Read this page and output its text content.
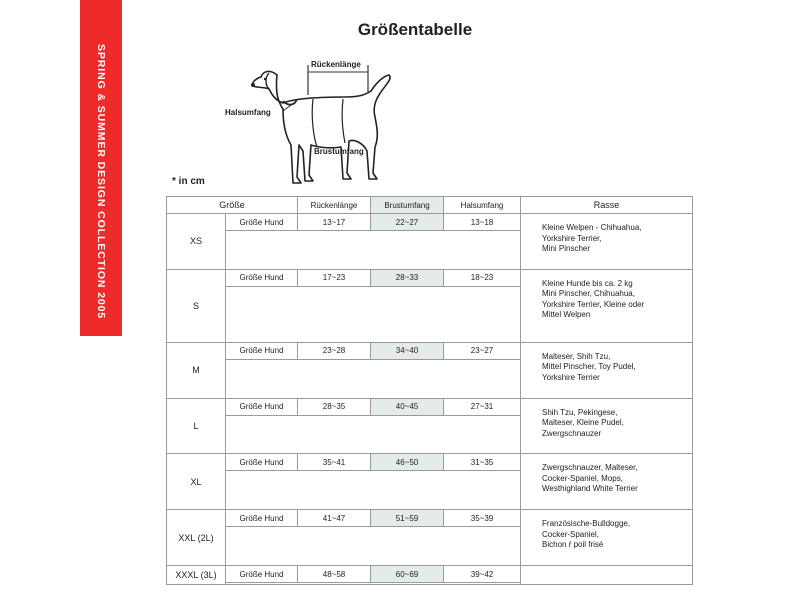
SPRING & SUMMER DESIGN COLLECTION 2005
Größentabelle
Rückenlänge
Halsumfang
Brustumfang
* in cm
Größe		Rückenlänge	Brustumfang	Halsumfang	Rasse
XS	Größe Hund	13~17	22~27	13~18	Kleine Welpen - Chihuahua,
Yorkshire Terrier,
Mini Pinscher

S	Größe Hund	17~23	28~33	18~23	Kleine Hunde bis ca. 2 kg
Mini Pinscher, Chihuahua,
Yorkshire Terrier, Kleine oder
Mittel Welpen

M	Größe Hund	23~28	34~40	23~27	Malteser, Shih Tzu,
Mittel Pinscher, Toy Pudel,
Yorkshire Terrier

L	Größe Hund	28~35	40~45	27~31	Shih Tzu, Pekingese,
Malteser, Kleine Pudel,
Zwergschnauzer

XL	Größe Hund	35~41	46~50	31~35	Zwergschnauzer, Malteser,
Cocker-Spaniel, Mops,
Westhighland White Terrier

XXL (2L)	Größe Hund	41~47	51~59	35~39	Französische-Bulldogge,
Cocker-Spaniel,
Bichon ŕ poil frisé

XXXL (3L)	Größe Hund	48~58	60~69	39~42	
